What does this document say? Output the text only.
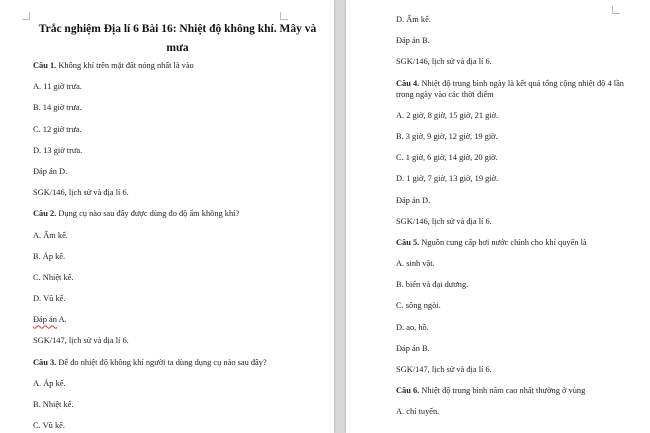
Trắc nghiệm Địa lí 6 Bài 16: Nhiệt độ không khí. Mây và mưa
Câu 1. Không khí trên mặt đất nóng nhất là vào
A. 11 giờ trưa.
B. 14 giờ trưa.
C. 12 giờ trưa.
D. 13 giờ trưa.
Đáp án D.
SGK/146, lịch sử và địa lí 6.
Câu 2. Dụng cụ nào sau đây được dùng đo độ ẩm không khí?
A. Ẩm kế.
B. Áp kế.
C. Nhiệt kế.
D. Vũ kế.
Đáp án A.
SGK/147, lịch sử và địa lí 6.
Câu 3. Để đo nhiệt độ không khí người ta dùng dụng cụ nào sau đây?
A. Áp kế.
B. Nhiệt kế.
C. Vũ kế.
D. Ẩm kế.
Đáp án B.
SGK/146, lịch sử và địa lí 6.
Câu 4. Nhiệt độ trung bình ngày là kết quả tổng cộng nhiệt độ 4 lần trong ngày vào các thời điểm
A. 2 giờ, 8 giờ, 15 giờ, 21 giờ.
B. 3 giờ, 9 giờ, 12 giờ, 19 giờ.
C. 1 giờ, 6 giờ, 14 giờ, 20 giờ.
D. 1 giờ, 7 giờ, 13 giờ, 19 giờ.
Đáp án D.
SGK/146, lịch sử và địa lí 6.
Câu 5. Nguồn cung cấp hơi nước chính cho khí quyển là
A. sinh vật.
B. biển và đại dương.
C. sông ngòi.
D. ao, hồ.
Đáp án B.
SGK/147, lịch sử và địa lí 6.
Câu 6. Nhiệt độ trung bình năm cao nhất thường ở vùng
A. chí tuyến.
